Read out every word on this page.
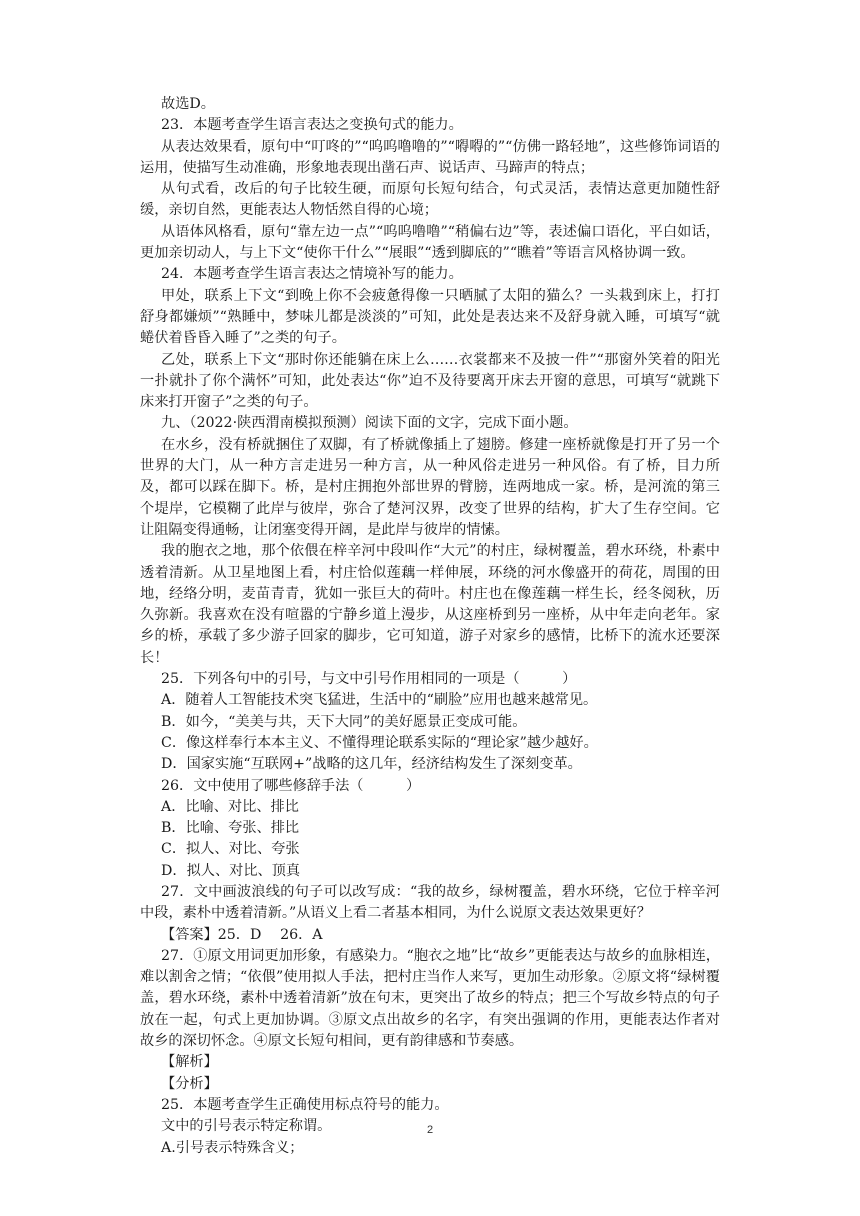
故选D。

23．本题考查学生语言表达之变换句式的能力。

从表达效果看，原句中“叮咚的”“呜呜噜噜的”“嘚嘚的”“仿佛一路轻地”，这些修饰词语的运用，使描写生动准确，形象地表现出凿石声、说话声、马蹄声的特点；

从句式看，改后的句子比较生硬，而原句长短句结合，句式灵活，表情达意更加随性舒缓，亲切自然，更能表达人物恬然自得的心境；

从语体风格看，原句“靠左边一点”“呜呜噜噜”“稍偏右边”等，表述偏口语化，平白如话，更加亲切动人，与上下文“使你干什么”“展眼”“透到脚底的”“瞧着”等语言风格协调一致。

24．本题考查学生语言表达之情境补写的能力。

甲处，联系上下文“到晚上你不会疲惫得像一只晒腻了太阳的猫么？一头栽到床上，打打舒身都嫌烦”“熟睡中，梦味儿都是淡淡的”可知，此处是表达来不及舒身就入睡，可填写“就蜷伏着昏昏入睡了”之类的句子。

乙处，联系上下文“那时你还能躺在床上么……衣裳都来不及披一件”“那窗外笑着的阳光一扑就扑了你个满怀”可知，此处表达“你”迫不及待要离开床去开窗的意思，可填写“就跳下床来打开窗子”之类的句子。

九、（2022·陕西渭南模拟预测）阅读下面的文字，完成下面小题。

在水乡，没有桥就捆住了双脚，有了桥就像插上了翅膀。修建一座桥就像是打开了另一个世界的大门，从一种方言走进另一种方言，从一种风俗走进另一种风俗。有了桥，目力所及，都可以踩在脚下。桥，是村庄拥抱外部世界的臂膀，连两地成一家。桥，是河流的第三个堤岸，它模糊了此岸与彼岸，弥合了楚河汉界，改变了世界的结构，扩大了生存空间。它让阻隔变得通畅，让闭塞变得开阔，是此岸与彼岸的情愫。

我的胞衣之地，那个依偎在梓辛河中段叫作“大元”的村庄，绿树覆盖，碧水环绕，朴素中透着清新。从卫星地图上看，村庄恰似莲藕一样伸展，环绕的河水像盛开的荷花，周围的田地，经络分明，麦苗青青，犹如一张巨大的荷叶。村庄也在像莲藕一样生长，经冬阅秋，历久弥新。我喜欢在没有喧嚣的宁静乡道上漫步，从这座桥到另一座桥，从中年走向老年。家乡的桥，承载了多少游子回家的脚步，它可知道，游子对家乡的感情，比桥下的流水还要深长！

25．下列各句中的引号，与文中引号作用相同的一项是（　　　）

A．随着人工智能技术突飞猛进，生活中的“刷脸”应用也越来越常见。

B．如今，“美美与共，天下大同”的美好愿景正变成可能。

C．像这样奉行本本主义、不懂得理论联系实际的“理论家”越少越好。

D．国家实施“互联网+”战略的这几年，经济结构发生了深刻变革。

26．文中使用了哪些修辞手法（　　　）

A．比喻、对比、排比

B．比喻、夸张、排比

C．拟人、对比、夸张

D．拟人、对比、顶真

27．文中画波浪线的句子可以改写成：“我的故乡，绿树覆盖，碧水环绕，它位于梓辛河中段，素朴中透着清新。”从语义上看二者基本相同，为什么说原文表达效果更好？

【答案】25．D　 26．A

27．①原文用词更加形象，有感染力。“胞衣之地”比“故乡”更能表达与故乡的血脉相连，难以割舍之情；“依偎”使用拟人手法，把村庄当作人来写，更加生动形象。②原文将“绿树覆盖，碧水环绕，素朴中透着清新”放在句末，更突出了故乡的特点；把三个写故乡特点的句子放在一起，句式上更加协调。③原文点出故乡的名字，有突出强调的作用，更能表达作者对故乡的深切怀念。④原文长短句相间，更有韵律感和节奏感。

【解析】

【分析】

25．本题考查学生正确使用标点符号的能力。

文中的引号表示特定称谓。

A.引号表示特殊含义；

2
